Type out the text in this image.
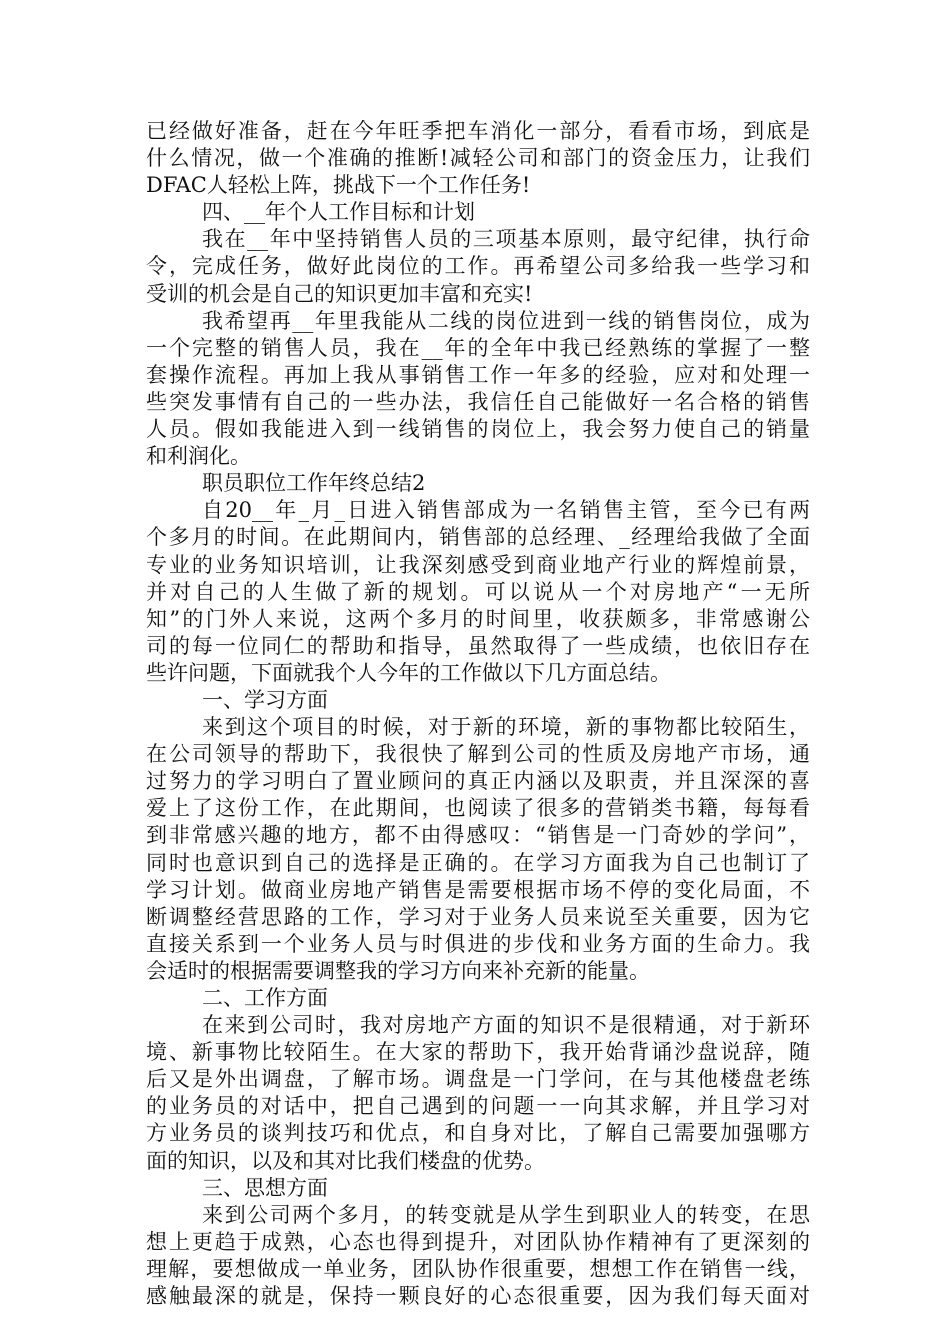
已经做好准备，赶在今年旺季把车消化一部分，看看市场，到底是
什么情况，做一个准确的推断!减轻公司和部门的资金压力，让我们
DFAC人轻松上阵，挑战下一个工作任务!
四、__年个人工作目标和计划
我在__年中坚持销售人员的三项基本原则，最守纪律，执行命
令，完成任务，做好此岗位的工作。再希望公司多给我一些学习和
受训的机会是自己的知识更加丰富和充实!
我希望再__年里我能从二线的岗位进到一线的销售岗位，成为
一个完整的销售人员，我在__年的全年中我已经熟练的掌握了一整
套操作流程。再加上我从事销售工作一年多的经验，应对和处理一
些突发事情有自己的一些办法，我信任自己能做好一名合格的销售
人员。假如我能进入到一线销售的岗位上，我会努力使自己的销量
和利润化。
职员职位工作年终总结2
自20__年_月_日进入销售部成为一名销售主管，至今已有两
个多月的时间。在此期间内，销售部的总经理、_经理给我做了全面
专业的业务知识培训，让我深刻感受到商业地产行业的辉煌前景，
并对自己的人生做了新的规划。可以说从一个对房地产“一无所
知”的门外人来说，这两个多月的时间里，收获颇多，非常感谢公
司的每一位同仁的帮助和指导，虽然取得了一些成绩，也依旧存在
些许问题，下面就我个人今年的工作做以下几方面总结。
一、学习方面
来到这个项目的时候，对于新的环境，新的事物都比较陌生，
在公司领导的帮助下，我很快了解到公司的性质及房地产市场，通
过努力的学习明白了置业顾问的真正内涵以及职责，并且深深的喜
爱上了这份工作，在此期间，也阅读了很多的营销类书籍，每每看
到非常感兴趣的地方，都不由得感叹：“销售是一门奇妙的学问”，
同时也意识到自己的选择是正确的。在学习方面我为自己也制订了
学习计划。做商业房地产销售是需要根据市场不停的变化局面，不
断调整经营思路的工作，学习对于业务人员来说至关重要，因为它
直接关系到一个业务人员与时俱进的步伐和业务方面的生命力。我
会适时的根据需要调整我的学习方向来补充新的能量。
二、工作方面
在来到公司时，我对房地产方面的知识不是很精通，对于新环
境、新事物比较陌生。在大家的帮助下，我开始背诵沙盘说辞，随
后又是外出调盘，了解市场。调盘是一门学问，在与其他楼盘老练
的业务员的对话中，把自己遇到的问题一一向其求解，并且学习对
方业务员的谈判技巧和优点，和自身对比，了解自己需要加强哪方
面的知识，以及和其对比我们楼盘的优势。
三、思想方面
来到公司两个多月，的转变就是从学生到职业人的转变，在思
想上更趋于成熟，心态也得到提升，对团队协作精神有了更深刻的
理解，要想做成一单业务，团队协作很重要，想想工作在销售一线，
感触最深的就是，保持一颗良好的心态很重要，因为我们每天面对
